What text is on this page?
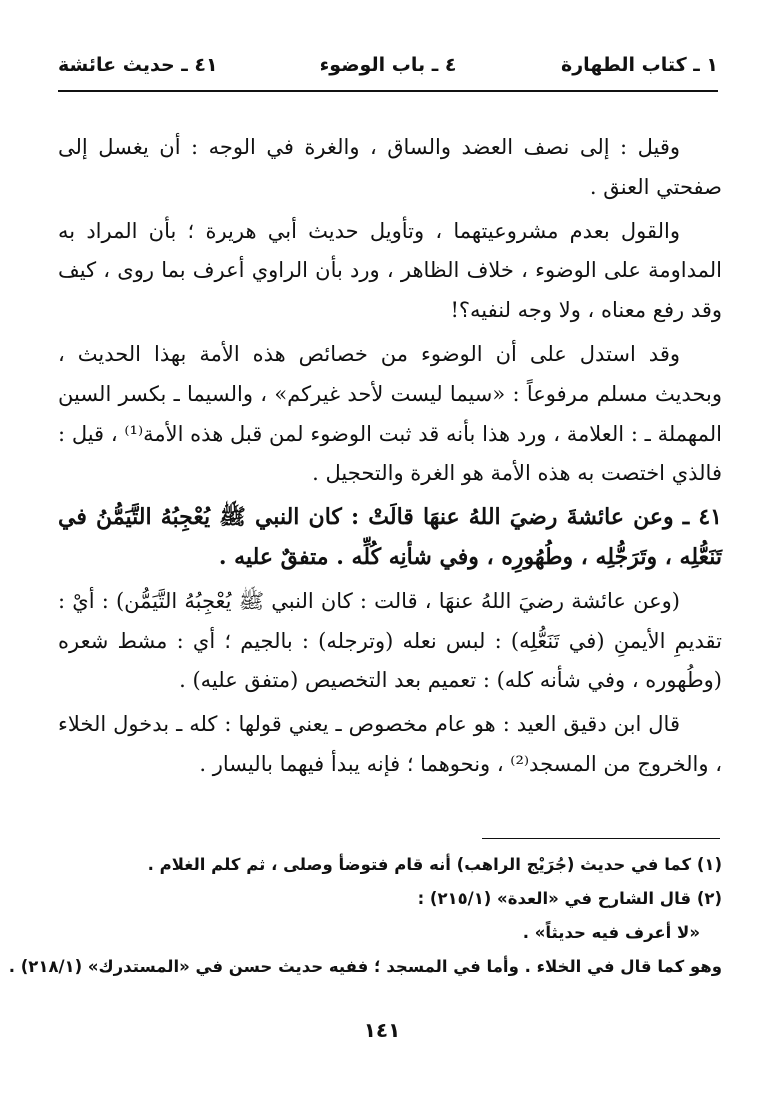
١ ـ كتاب الطهارة
٤ ـ باب الوضوء
٤١ ـ حديث عائشة

وقيل : إلى نصف العضد والساق ، والغرة في الوجه : أن يغسل إلى صفحتي العنق .

والقول بعدم مشروعيتهما ، وتأويل حديث أبي هريرة ؛ بأن المراد به المداومة على الوضوء ، خلاف الظاهر ، ورد بأن الراوي أعرف بما روى ، كيف وقد رفع معناه ، ولا وجه لنفيه؟!

وقد استدل على أن الوضوء من خصائص هذه الأمة بهذا الحديث ، وبحديث مسلم مرفوعاً : «سيما ليست لأحد غيركم» ، والسيما ـ بكسر السين المهملة ـ : العلامة ، ورد هذا بأنه قد ثبت الوضوء لمن قبل هذه الأمة⁽¹⁾ ، قيل : فالذي اختصت به هذه الأمة هو الغرة والتحجيل .

٤١ ـ وعن عائشةَ رضيَ اللهُ عنهَا قالَتْ : كان النبي ﷺ يُعْجِبُهُ التَّيَمُّنُ في تَنَعُّلِه ، وتَرَجُّلِه ، وطُهُورِه ، وفي شأنِه كُلِّه . متفقٌ عليه .

(وعن عائشة رضيَ اللهُ عنهَا ، قالت : كان النبي ﷺ يُعْجِبُهُ التَّيَمُّن) : أيْ : تقديمِ الأيمنِ (في تَنَعُّلِه) : لبس نعله (وترجله) : بالجيم ؛ أي : مشط شعره (وطُهوره ، وفي شأنه كله) : تعميم بعد التخصيص (متفق عليه) .

قال ابن دقيق العيد : هو عام مخصوص ـ يعني قولها : كله ـ بدخول الخلاء ، والخروج من المسجد⁽²⁾ ، ونحوهما ؛ فإنه يبدأ فيهما باليسار .

(١) كما في حديث (جُرَيْج الراهب) أنه قام فتوضأ وصلى ، ثم كلم الغلام .
(٢) قال الشارح في «العدة» (٢١٥/١) :
«لا أعرف فيه حديثاً» .
وهو كما قال في الخلاء . وأما في المسجد ؛ ففيه حديث حسن في «المستدرك» (٢١٨/١) .
١٤١
